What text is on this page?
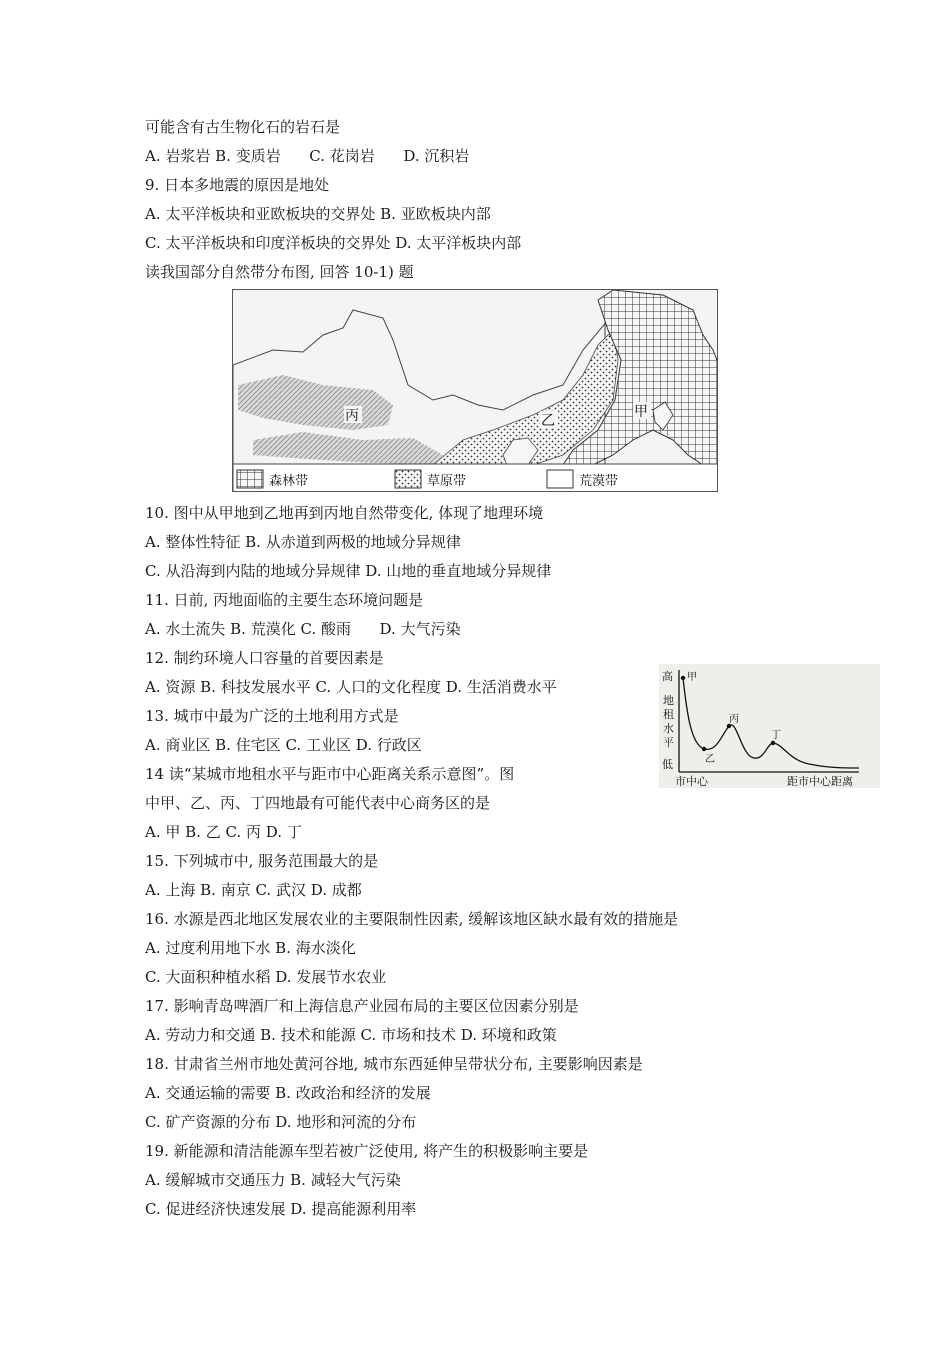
可能含有古生物化石的岩石是
A. 岩浆岩 B. 变质岩      C. 花岗岩      D. 沉积岩
9. 日本多地震的原因是地处
A. 太平洋板块和亚欧板块的交界处 B. 亚欧板块内部
C. 太平洋板块和印度洋板块的交界处 D. 太平洋板块内部
读我国部分自然带分布图, 回答 10-1) 题
丙	乙
甲
森林带	草原带	荒漠带
10. 图中从甲地到乙地再到丙地自然带变化, 体现了地理环境
A. 整体性特征 B. 从赤道到两极的地域分异规律
C. 从沿海到内陆的地域分异规律 D. 山地的垂直地域分异规律
11. 日前, 丙地面临的主要生态环境问题是
A. 水土流失 B. 荒漠化 C. 酸雨      D. 大气污染
12. 制约环境人口容量的首要因素是
A. 资源 B. 科技发展水平 C. 人口的文化程度 D. 生活消费水平
13. 城市中最为广泛的土地利用方式是
A. 商业区 B. 住宅区 C. 工业区 D. 行政区
14 读“某城市地租水平与距市中心距离关系示意图”。图
中甲、乙、丙、丁四地最有可能代表中心商务区的是
A. 甲 B. 乙 C. 丙 D. 丁
15. 下列城市中, 服务范围最大的是
A. 上海 B. 南京 C. 武汉 D. 成都
16. 水源是西北地区发展农业的主要限制性因素, 缓解该地区缺水最有效的措施是
A. 过度利用地下水 B. 海水淡化
C. 大面积种植水稻 D. 发展节水农业
17. 影响青岛啤酒厂和上海信息产业园布局的主要区位因素分别是
A. 劳动力和交通 B. 技术和能源 C. 市场和技术 D. 环境和政策
18. 甘肃省兰州市地处黄河谷地, 城市东西延伸呈带状分布, 主要影响因素是
A. 交通运输的需要 B. 改政治和经济的发展
C. 矿产资源的分布 D. 地形和河流的分布
19. 新能源和清洁能源车型若被广泛使用, 将产生的积极影响主要是
A. 缓解城市交通压力 B. 减轻大气污染
C. 促进经济快速发展 D. 提高能源利用率
高
地
租
水
平
低
市中心	距市中心距离
甲
乙
丙
丁
